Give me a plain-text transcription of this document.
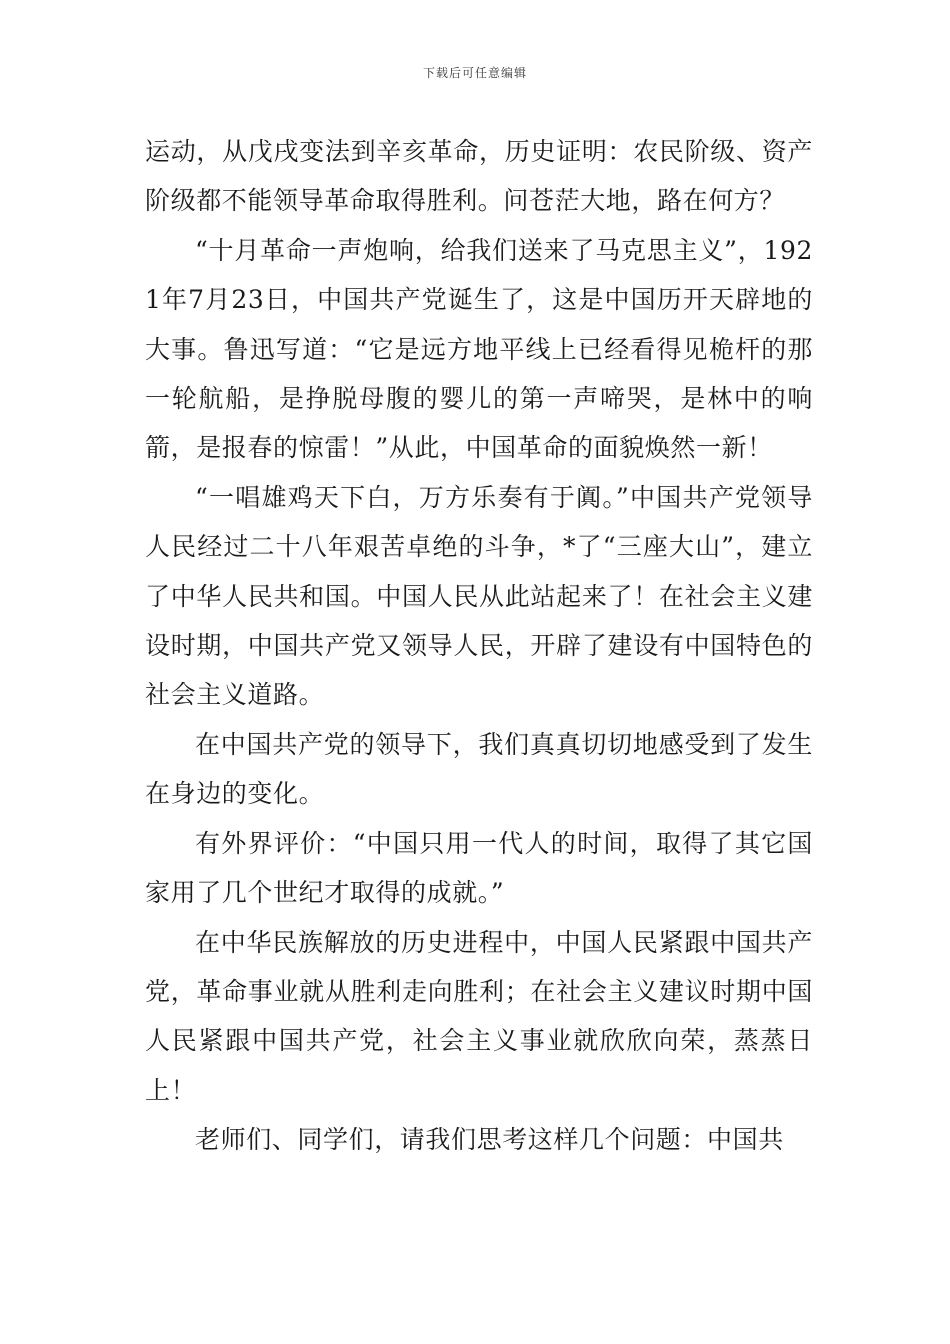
下载后可任意编辑

运动，从戊戌变法到辛亥革命，历史证明：农民阶级、资产阶级都不能领导革命取得胜利。问苍茫大地，路在何方？

“十月革命一声炮响，给我们送来了马克思主义”，1921年7月23日，中国共产党诞生了，这是中国历开天辟地的大事。鲁迅写道：“它是远方地平线上已经看得见桅杆的那一轮航船，是挣脱母腹的婴儿的第一声啼哭，是林中的响箭，是报春的惊雷！”从此，中国革命的面貌焕然一新！

“一唱雄鸡天下白，万方乐奏有于阗。”中国共产党领导人民经过二十八年艰苦卓绝的斗争，*了“三座大山”，建立了中华人民共和国。中国人民从此站起来了！在社会主义建设时期，中国共产党又领导人民，开辟了建设有中国特色的社会主义道路。

在中国共产党的领导下，我们真真切切地感受到了发生在身边的变化。

有外界评价：“中国只用一代人的时间，取得了其它国家用了几个世纪才取得的成就。”

在中华民族解放的历史进程中，中国人民紧跟中国共产党，革命事业就从胜利走向胜利；在社会主义建议时期中国人民紧跟中国共产党，社会主义事业就欣欣向荣，蒸蒸日上！

老师们、同学们，请我们思考这样几个问题：中国共
